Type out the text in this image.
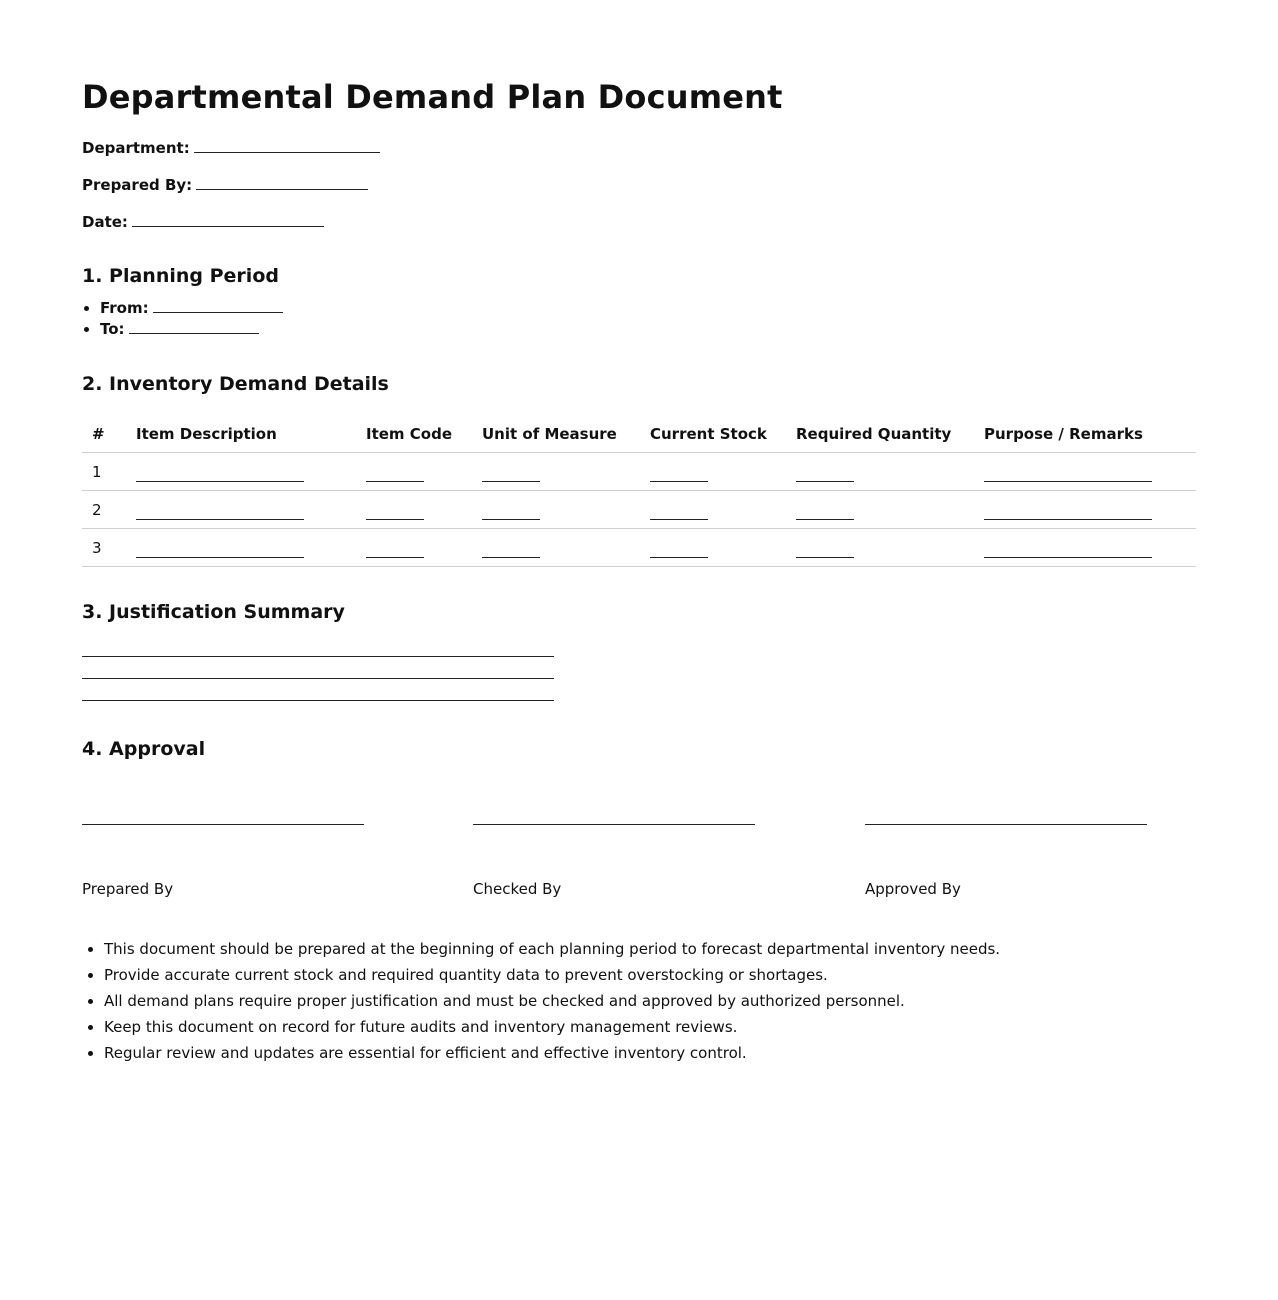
Departmental Demand Plan Document
Department:
Prepared By:
Date:
1. Planning Period
• From:
• To:
2. Inventory Demand Details
#	Item Description	Item Code	Unit of Measure	Current Stock	Required Quantity	Purpose / Remarks
1						
2						
3						
3. Justification Summary
4. Approval
Prepared By	Checked By	Approved By
• This document should be prepared at the beginning of each planning period to forecast departmental inventory needs.
• Provide accurate current stock and required quantity data to prevent overstocking or shortages.
• All demand plans require proper justification and must be checked and approved by authorized personnel.
• Keep this document on record for future audits and inventory management reviews.
• Regular review and updates are essential for efficient and effective inventory control.
